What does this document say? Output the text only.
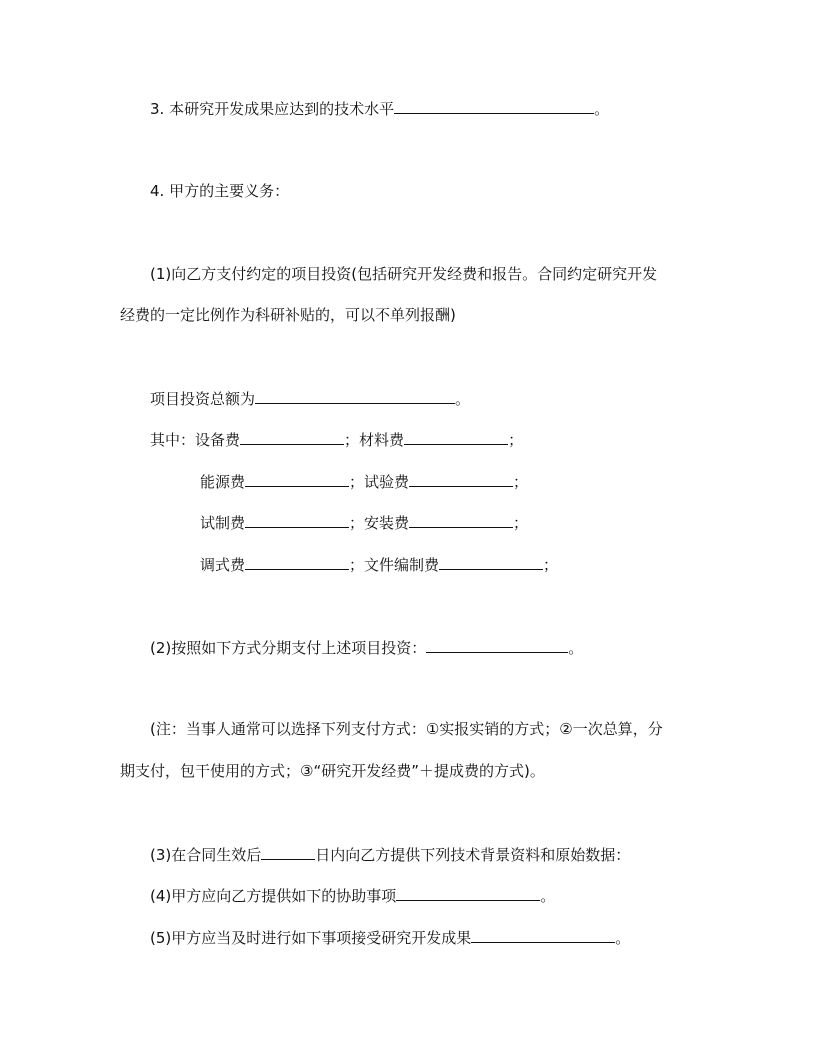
3. 本研究开发成果应达到的技术水平	。
4. 甲方的主要义务：
(1)向乙方支付约定的项目投资(包括研究开发经费和报告。合同约定研究开发
经费的一定比例作为科研补贴的，可以不单列报酬)
项目投资总额为	。
其中：设备费	；材料费	；
能源费	；试验费	；
试制费	；安装费	；
调式费	；文件编制费	；
(2)按照如下方式分期支付上述项目投资：	。
(注：当事人通常可以选择下列支付方式：①实报实销的方式；②一次总算，分
期支付，包干使用的方式；③“研究开发经费”＋提成费的方式)。
(3)在合同生效后	日内向乙方提供下列技术背景资料和原始数据：
(4)甲方应向乙方提供如下的协助事项	。
(5)甲方应当及时进行如下事项接受研究开发成果	。
